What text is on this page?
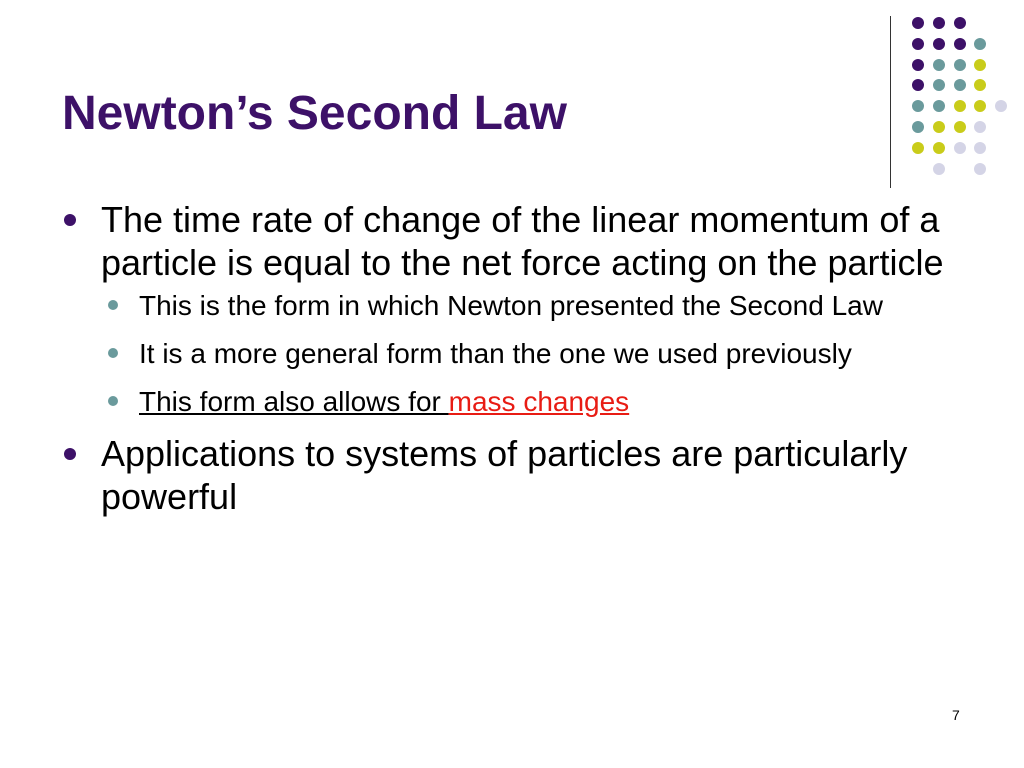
Newton’s Second Law
The time rate of change of the linear momentum of a particle is equal to the net force acting on the particle
This is the form in which Newton presented the Second Law
It is a more general form than the one we used previously
This form also allows for mass changes
Applications to systems of particles are particularly powerful
7
